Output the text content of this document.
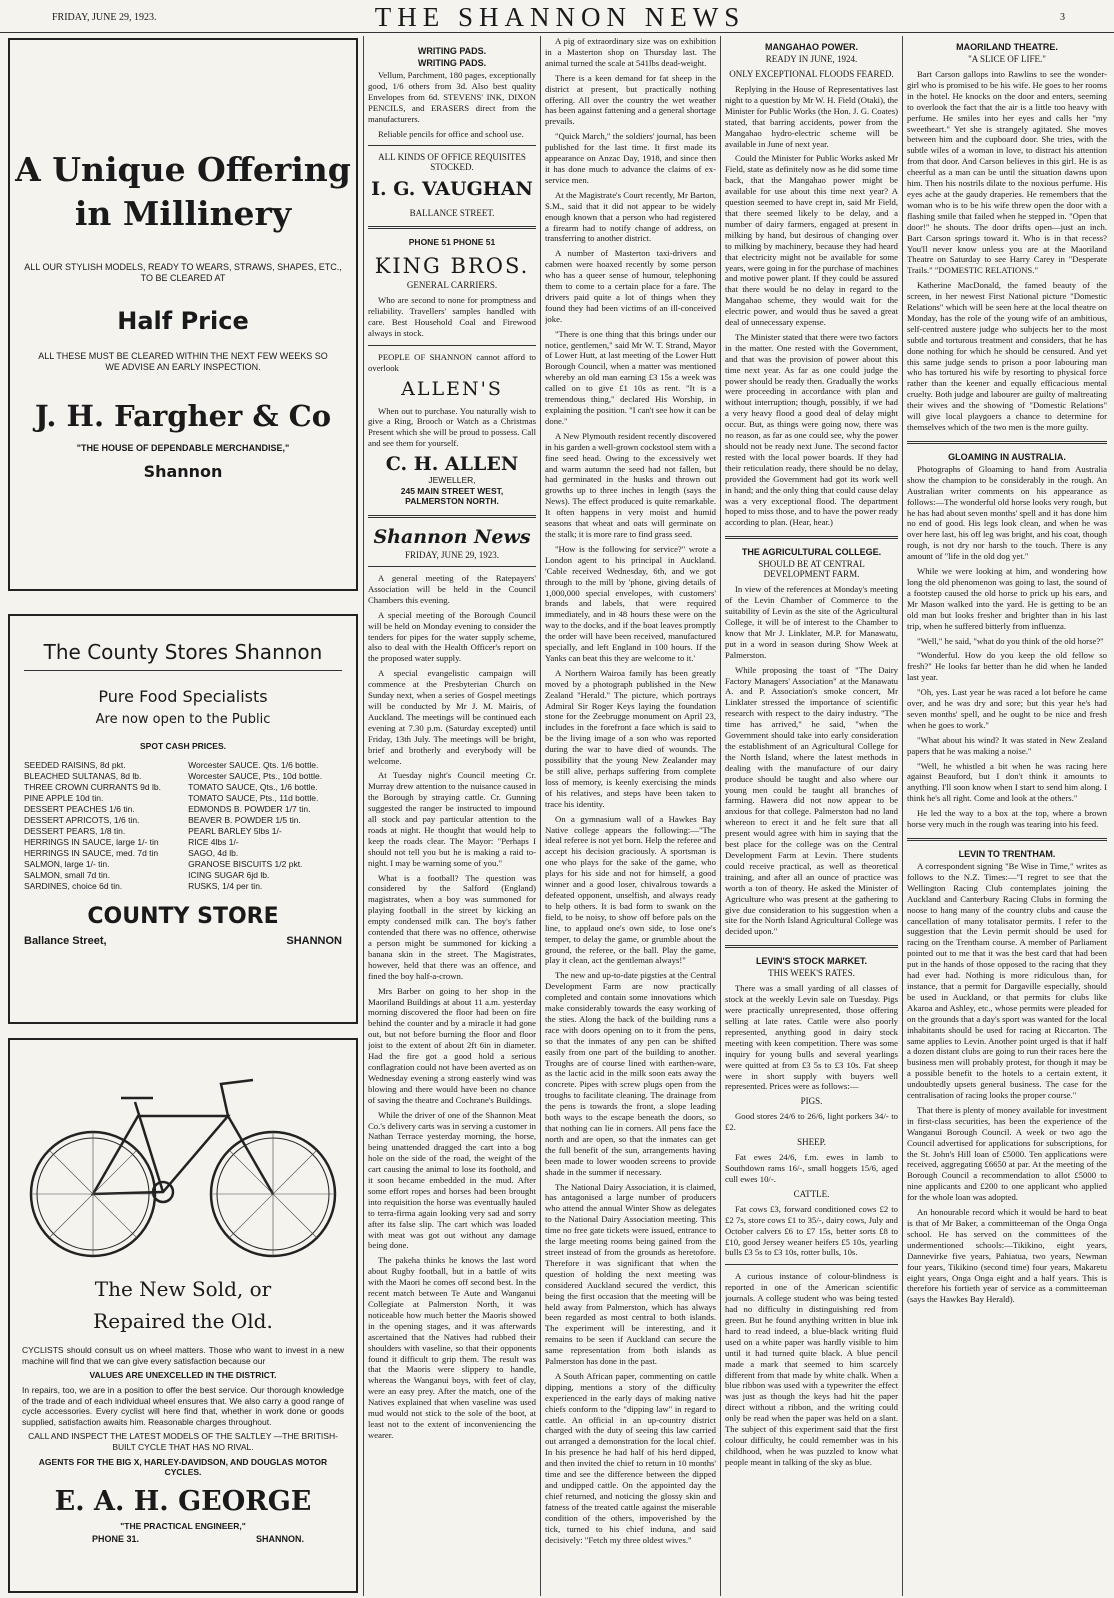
FRIDAY, JUNE 29, 1923.	THE SHANNON NEWS	3
A Unique Offering
in Millinery
ALL OUR STYLISH MODELS, READY TO WEARS, STRAWS, SHAPES, ETC., TO BE CLEARED AT
Half Price
ALL THESE MUST BE CLEARED WITHIN THE NEXT FEW WEEKS SO WE ADVISE AN EARLY INSPECTION.
J. H. Fargher & Co
"THE HOUSE OF DEPENDABLE MERCHANDISE,"
Shannon
The County Stores Shannon
Pure Food Specialists
Are now open to the Public
SPOT CASH PRICES.
SEEDED RAISINS, 8d pkt.	Worcester SAUCE. Qts. 1/6 bottle.
BLEACHED SULTANAS, 8d lb.	Worcester SAUCE, Pts., 10d bottle.
THREE CROWN CURRANTS 9d lb.	TOMATO SAUCE, Qts., 1/6 bottle.
PINE APPLE 10d tin.	TOMATO SAUCE, Pts., 11d bottle.
DESSERT PEACHES 1/6 tin.	EDMONDS B. POWDER 1/7 tin.
DESSERT APRICOTS, 1/6 tin.	BEAVER B. POWDER 1/5 tin.
DESSERT PEARS, 1/8 tin.	PEARL BARLEY 5lbs 1/-
HERRINGS IN SAUCE, large 1/- tin	RICE 4lbs 1/-
HERRINGS IN SAUCE, med. 7d tin	SAGO, 4d lb.
SALMON, large 1/- tin.	GRANOSE BISCUITS 1/2 pkt.
SALMON, small 7d tin.	ICING SUGAR 6jd lb.
SARDINES, choice 6d tin.	RUSKS, 1/4 per tin.
COUNTY STORE
Ballance Street,	SHANNON
The New Sold, or
Repaired the Old.
CYCLISTS should consult us on wheel matters. Those who want to invest in a new machine will find that we can give every satisfaction because our
VALUES ARE UNEXCELLED IN THE DISTRICT.
In repairs, too, we are in a position to offer the best service. Our thorough knowledge of the trade and of each individual wheel ensures that. We also carry a good range of cycle accessories. Every cyclist will here find that, whether in work done or goods supplied, satisfaction awaits him. Reasonable charges throughout.
CALL AND INSPECT THE LATEST MODELS OF THE SALTLEY —THE BRITISH-BUILT CYCLE THAT HAS NO RIVAL.
AGENTS FOR THE BIG X, HARLEY-DAVIDSON, AND DOUGLAS MOTOR CYCLES.
E. A. H. GEORGE
"THE PRACTICAL ENGINEER,"
PHONE 31.	SHANNON.
WRITING PADS.
WRITING PADS.

Vellum, Parchment, 180 pages, exceptionally good, 1/6 others from 3d. Also best quality Envelopes from 6d. STEVENS' INK, DIXON PENCILS, and ERASERS direct from the manufacturers.

Reliable pencils for office and school use.

ALL KINDS OF OFFICE REQUISITES STOCKED.
I. G. VAUGHAN
BALLANCE STREET.
PHONE 51 PHONE 51
KING BROS.
GENERAL CARRIERS.

Who are second to none for promptness and reliability. Travellers' samples handled with care. Best Household Coal and Firewood always in stock.

PEOPLE OF SHANNON cannot afford to overlook

ALLEN'S

When out to purchase. You naturally wish to give a Ring, Brooch or Watch as a Christmas Present which she will be proud to possess. Call and see them for yourself.

C. H. ALLEN
JEWELLER,
245 MAIN STREET WEST,
PALMERSTON NORTH.
Shannon News
FRIDAY, JUNE 29, 1923.

A general meeting of the Ratepayers' Association will be held in the Council Chambers this evening.

A special meeting of the Borough Council will be held on Monday evening to consider the tenders for pipes for the water supply scheme, also to deal with the Health Officer's report on the proposed water supply.

A special evangelistic campaign will commence at the Presbyterian Church on Sunday next, when a series of Gospel meetings will be conducted by Mr J. M. Mairis, of Auckland. The meetings will be continued each evening at 7.30 p.m. (Saturday excepted) until Friday, 13th July. The meetings will be bright, brief and brotherly and everybody will be welcome.

At Tuesday night's Council meeting Cr. Murray drew attention to the nuisance caused in the Borough by straying cattle. Cr. Gunning suggested the ranger be instructed to impound all stock and pay particular attention to the roads at night. He thought that would help to keep the roads clear. The Mayor: "Perhaps I should not tell you but he is making a raid to-night. I may be warning some of you."

What is a football? The question was considered by the Salford (England) magistrates, when a boy was summoned for playing football in the street by kicking an empty condensed milk can. The boy's father contended that there was no offence, otherwise a person might be summoned for kicking a banana skin in the street. The Magistrates, however, held that there was an offence, and fined the boy half-a-crown.

Mrs Barber on going to her shop in the Maoriland Buildings at about 11 a.m. yesterday morning discovered the floor had been on fire behind the counter and by a miracle it had gone out, but not before burning the floor and floor joist to the extent of about 2ft 6in in diameter. Had the fire got a good hold a serious conflagration could not have been averted as on Wednesday evening a strong easterly wind was blowing and there would have been no chance of saving the theatre and Cochrane's Buildings.

While the driver of one of the Shannon Meat Co.'s delivery carts was in serving a customer in Nathan Terrace yesterday morning, the horse, being unattended dragged the cart into a bog hole on the side of the road, the weight of the cart causing the animal to lose its foothold, and it soon became embedded in the mud. After some effort ropes and horses had been brought into requisition the horse was eventually hauled to terra-firma again looking very sad and sorry after its false slip. The cart which was loaded with meat was got out without any damage being done.

The pakeha thinks he knows the last word about Rugby football, but in a battle of wits with the Maori he comes off second best. In the recent match between Te Aute and Wanganui Collegiate at Palmerston North, it was noticeable how much better the Maoris showed in the opening stages, and it was afterwards ascertained that the Natives had rubbed their shoulders with vaseline, so that their opponents found it difficult to grip them. The result was that the Maoris were slippery to handle, whereas the Wanganui boys, with feet of clay, were an easy prey. After the match, one of the Natives explained that when vaseline was used mud would not stick to the sole of the boot, at least not to the extent of inconveniencing the wearer.

A pig of extraordinary size was on exhibition in a Masterton shop on Thursday last. The animal turned the scale at 541lbs dead-weight.

There is a keen demand for fat sheep in the district at present, but practically nothing offering. All over the country the wet weather has been against fattening and a general shortage prevails.

"Quick March," the soldiers' journal, has been published for the last time. It first made its appearance on Anzac Day, 1918, and since then it has done much to advance the claims of ex-service men.

At the Magistrate's Court recently, Mr Barton, S.M., said that it did not appear to be widely enough known that a person who had registered a firearm had to notify change of address, on transferring to another district.

A number of Masterton taxi-drivers and cabmen were hoaxed recently by some person who has a queer sense of humour, telephoning them to come to a certain place for a fare. The drivers paid quite a lot of things when they found they had been victims of an ill-conceived joke.

"There is one thing that this brings under our notice, gentlemen," said Mr W. T. Strand, Mayor of Lower Hutt, at last meeting of the Lower Hutt Borough Council, when a matter was mentioned whereby an old man earning £3 15s a week was called on to give £1 10s as rent. "It is a tremendous thing," declared His Worship, in explaining the position. "I can't see how it can be done."

A New Plymouth resident recently discovered in his garden a well-grown cockstool stem with a fine seed head. Owing to the excessively wet and warm autumn the seed had not fallen, but had germinated in the husks and thrown out growths up to three inches in length (says the News). The effect produced is quite remarkable. It often happens in very moist and humid seasons that wheat and oats will germinate on the stalk; it is more rare to find grass seed.

"How is the following for service?" wrote a London agent to his principal in Auckland. 'Cable received Wednesday, 6th, and we got through to the mill by 'phone, giving details of 1,000,000 special envelopes, with customers' brands and labels, that were required immediately, and in 48 hours these were on the way to the docks, and if the boat leaves promptly the order will have been received, manufactured specially, and left England in 100 hours. If the Yanks can beat this they are welcome to it.'

A Northern Wairoa family has been greatly moved by a photograph published in the New Zealand "Herald." The picture, which portrays Admiral Sir Roger Keys laying the foundation stone for the Zeebrugge monument on April 23, includes in the forefront a face which is said to be the living image of a son who was reported during the war to have died of wounds. The possibility that the young New Zealander may be still alive, perhaps suffering from complete loss of memory, is keenly exercising the minds of his relatives, and steps have been taken to trace his identity.

On a gymnasium wall of a Hawkes Bay Native college appears the following:—"The ideal referee is not yet born. Help the referee and accept his decision graciously. A sportsman is one who plays for the sake of the game, who plays for his side and not for himself, a good winner and a good loser, chivalrous towards a defeated opponent, unselfish, and always ready to help others. It is bad form to swank on the field, to be noisy, to show off before pals on the line, to applaud one's own side, to lose one's temper, to delay the game, or grumble about the ground, the referee, or the ball. Play the game, play it clean, act the gentleman always!"

The new and up-to-date pigsties at the Central Development Farm are now practically completed and contain some innovations which make considerably towards the easy working of the sties. Along the back of the building runs a race with doors opening on to it from the pens, so that the inmates of any pen can be shifted easily from one part of the building to another. Troughs are of course lined with earthen-ware, as the lactic acid in the milk soon eats away the concrete. Pipes with screw plugs open from the troughs to facilitate cleaning. The drainage from the pens is towards the front, a slope leading both ways to the escape beneath the doors, so that nothing can lie in corners. All pens face the north and are open, so that the inmates can get the full benefit of the sun, arrangements having been made to lower wooden screens to provide shade in the summer if necessary.

The National Dairy Association, it is claimed, has antagonised a large number of producers who attend the annual Winter Show as delegates to the National Dairy Association meeting. This time no free gate tickets were issued, entrance to the large meeting rooms being gained from the street instead of from the grounds as heretofore. Therefore it was significant that when the question of holding the next meeting was considered Auckland secured the verdict, this being the first occasion that the meeting will be held away from Palmerston, which has always been regarded as most central to both islands. The experiment will be interesting, and it remains to be seen if Auckland can secure the same representation from both islands as Palmerston has done in the past.

A South African paper, commenting on cattle dipping, mentions a story of the difficulty experienced in the early days of making native chiefs conform to the "dipping law" in regard to cattle. An official in an up-country district charged with the duty of seeing this law carried out arranged a demonstration for the local chief. In his presence he had half of his herd dipped, and then invited the chief to return in 10 months' time and see the difference between the dipped and undipped cattle. On the appointed day the chief returned, and noticing the glossy skin and fatness of the treated cattle against the miserable condition of the others, impoverished by the tick, turned to his chief induna, and said decisively: "Fetch my three oldest wives."

MANGAHAO POWER.
READY IN JUNE, 1924.
ONLY EXCEPTIONAL FLOODS FEARED.

Replying in the House of Representatives last night to a question by Mr W. H. Field (Otaki), the Minister for Public Works (the Hon. J. G. Coates) stated, that barring accidents, power from the Mangahao hydro-electric scheme will be available in June of next year.

Could the Minister for Public Works asked Mr Field, state as definitely now as he did some time back, that the Mangahao power might be available for use about this time next year? A question seemed to have crept in, said Mr Field, that there seemed likely to be delay, and a number of dairy farmers, engaged at present in milking by hand, but desirous of changing over to milking by machinery, because they had heard that electricity might not be available for some years, were going in for the purchase of machines and motive power plant. If they could be assured that there would be no delay in regard to the Mangahao scheme, they would wait for the electric power, and would thus be saved a great deal of unnecessary expense.

The Minister stated that there were two factors in the matter. One rested with the Government, and that was the provision of power about this time next year. As far as one could judge the power should be ready then. Gradually the works were proceeding in accordance with plan and without interruption; though, possibly, if we had a very heavy flood a good deal of delay might occur. But, as things were going now, there was no reason, as far as one could see, why the power should not be ready next June. The second factor rested with the local power boards. If they had their reticulation ready, there should be no delay, provided the Government had got its work well in hand; and the only thing that could cause delay was a very exceptional flood. The department hoped to miss those, and to have the power ready according to plan. (Hear, hear.)

THE AGRICULTURAL COLLEGE.
SHOULD BE AT CENTRAL DEVELOPMENT FARM.

In view of the references at Monday's meeting of the Levin Chamber of Commerce to the suitability of Levin as the site of the Agricultural College, it will be of interest to the Chamber to know that Mr J. Linklater, M.P. for Manawatu, put in a word in season during Show Week at Palmerston.

While proposing the toast of "The Dairy Factory Managers' Association" at the Manawatu A. and P. Association's smoke concert, Mr Linklater stressed the importance of scientific research with respect to the dairy industry. "The time has arrived," he said, "when the Government should take into early consideration the establishment of an Agricultural College for the North Island, where the latest methods in dealing with the manufacture of our dairy produce should be taught and also where our young men could be taught all branches of farming. Hawera did not now appear to be anxious for that college. Palmerston had no land whereon to erect it and he felt sure that all present would agree with him in saying that the best place for the college was on the Central Development Farm at Levin. There students could receive practical, as well as theoretical training, and after all an ounce of practice was worth a ton of theory. He asked the Minister of Agriculture who was present at the gathering to give due consideration to his suggestion when a site for the North Island Agricultural College was decided upon."

LEVIN'S STOCK MARKET.
THIS WEEK'S RATES.

There was a small yarding of all classes of stock at the weekly Levin sale on Tuesday. Pigs were practically unrepresented, those offering selling at late rates. Cattle were also poorly represented, anything good in dairy stock meeting with keen competition. There was some inquiry for young bulls and several yearlings were quitted at from £3 5s to £3 10s. Fat sheep were in short supply with buyers well represented. Prices were as follows:—

PIGS.

Good stores 24/6 to 26/6, light porkers 34/- to £2.

SHEEP.

Fat ewes 24/6, f.m. ewes in lamb to Southdown rams 16/-, small hoggets 15/6, aged cull ewes 10/-.

CATTLE.

Fat cows £3, forward conditioned cows £2 to £2 7s, store cows £1 to 35/-, dairy cows, July and October calvers £6 to £7 15s, better sorts £8 to £10, good Jersey weaner heifers £5 10s, yearling bulls £3 5s to £3 10s, rotter bulls, 10s.

A curious instance of colour-blindness is reported in one of the American scientific journals. A college student who was being tested had no difficulty in distinguishing red from green. But he found anything written in blue ink hard to read indeed, a blue-black writing fluid used on a white paper was hardly visible to him until it had turned quite black. A blue pencil made a mark that seemed to him scarcely different from that made by white chalk. When a blue ribbon was used with a typewriter the effect was just as though the keys had hit the paper direct without a ribbon, and the writing could only be read when the paper was held on a slant. The subject of this experiment said that the first colour difficulty, he could remember was in his childhood, when he was puzzled to know what people meant in talking of the sky as blue.

MAORILAND THEATRE.
"A SLICE OF LIFE."

Bart Carson gallops into Rawlins to see the wonder-girl who is promised to be his wife. He goes to her rooms in the hotel. He knocks on the door and enters, seeming to overlook the fact that the air is a little too heavy with perfume. He smiles into her eyes and calls her "my sweetheart." Yet she is strangely agitated. She moves between him and the cupboard door. She tries, with the subtle wiles of a woman in love, to distract his attention from that door. And Carson believes in this girl. He is as cheerful as a man can be until the situation dawns upon him. Then his nostrils dilate to the noxious perfume. His eyes ache at the gaudy draperies. He remembers that the woman who is to be his wife threw open the door with a flashing smile that failed when he stepped in. "Open that door!" he shouts. The door drifts open—just an inch. Bart Carson springs toward it. Who is in that recess? You'll never know unless you are at the Maoriland Theatre on Saturday to see Harry Carey in "Desperate Trails." "DOMESTIC RELATIONS."

Katherine MacDonald, the famed beauty of the screen, in her newest First National picture "Domestic Relations" which will be seen here at the local theatre on Monday, has the role of the young wife of an ambitious, self-centred austere judge who subjects her to the most subtle and torturous treatment and considers, that he has done nothing for which he should be censured. And yet this same judge sends to prison a poor labouring man who has tortured his wife by resorting to physical force rather than the keener and equally efficacious mental cruelty. Both judge and labourer are guilty of maltreating their wives and the showing of "Domestic Relations" will give local playgoers a chance to determine for themselves which of the two men is the more guilty.

GLOAMING IN AUSTRALIA.

Photographs of Gloaming to hand from Australia show the champion to be considerably in the rough. An Australian writer comments on his appearance as follows:—The wonderful old horse looks very rough, but he has had about seven months' spell and it has done him no end of good. His legs look clean, and when he was over here last, his off leg was bright, and his coat, though rough, is not dry nor harsh to the touch. There is any amount of "life in the old dog yet."

While we were looking at him, and wondering how long the old phenomenon was going to last, the sound of a footstep caused the old horse to prick up his ears, and Mr Mason walked into the yard. He is getting to be an old man but looks fresher and brighter than in his last trip, when he suffered bitterly from influenza.

"Well," he said, "what do you think of the old horse?"

"Wonderful. How do you keep the old fellow so fresh?" He looks far better than he did when he landed last year.

"Oh, yes. Last year he was raced a lot before he came over, and he was dry and sore; but this year he's had seven months' spell, and he ought to be nice and fresh when he goes to work."

"What about his wind? It was stated in New Zealand papers that he was making a noise."

"Well, he whistled a bit when he was racing here against Beauford, but I don't think it amounts to anything. I'll soon know when I start to send him along. I think he's all right. Come and look at the others."

He led the way to a box at the top, where a brown horse very much in the rough was tearing into his feed.

LEVIN TO TRENTHAM.

A correspondent signing "Be Wise in Time," writes as follows to the N.Z. Times:—"I regret to see that the Wellington Racing Club contemplates joining the Auckland and Canterbury Racing Clubs in forming the noose to hang many of the country clubs and cause the cancellation of many totalisator permits. I refer to the suggestion that the Levin permit should be used for racing on the Trentham course. A member of Parliament pointed out to me that it was the best card that had been put in the hands of those opposed to the racing that they had ever had. Nothing is more ridiculous than, for instance, that a permit for Dargaville especially, should be used in Auckland, or that permits for clubs like Akaroa and Ashley, etc., whose permits were pleaded for on the grounds that a day's sport was wanted for the local inhabitants should be used for racing at Riccarton. The same applies to Levin. Another point urged is that if half a dozen distant clubs are going to run their races here the business men will probably protest, for though it may be a possible benefit to the hotels to a certain extent, it undoubtedly upsets general business. The case for the centralisation of racing looks the proper course."

That there is plenty of money available for investment in first-class securities, has been the experience of the Wanganui Borough Council. A week or two ago the Council advertised for applications for subscriptions, for the St. John's Hill loan of £5000. Ten applications were received, aggregating £6650 at par. At the meeting of the Borough Council a recommendation to allot £5000 to nine applicants and £200 to one applicant who applied for the whole loan was adopted.

An honourable record which it would be hard to beat is that of Mr Baker, a committeeman of the Onga Onga school. He has served on the committees of the undermentioned schools:—Tikikino, eight years, Dannevirke five years, Pahiatua, two years, Newman four years, Tikikino (second time) four years, Makaretu eight years, Onga Onga eight and a half years. This is therefore his fortieth year of service as a committeeman (says the Hawkes Bay Herald).
